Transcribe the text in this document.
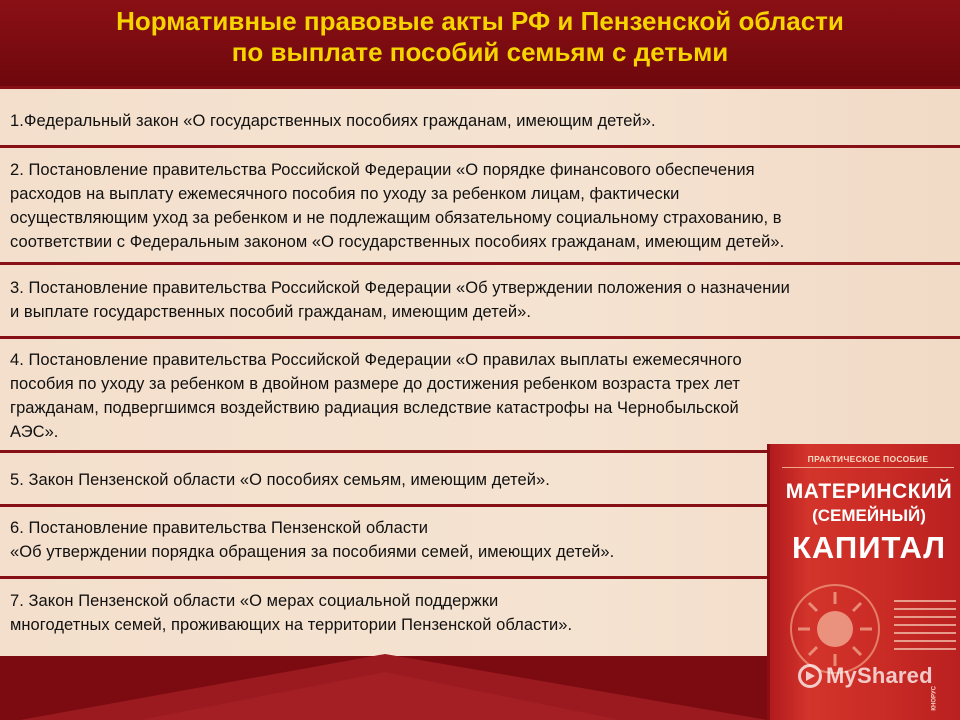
Нормативные правовые акты РФ и Пензенской области
по выплате пособий семьям с детьми
1.Федеральный закон «О государственных пособиях гражданам, имеющим детей».
2. Постановление правительства Российской Федерации «О порядке финансового обеспечения
расходов на выплату ежемесячного пособия по уходу за ребенком лицам, фактически
осуществляющим уход за ребенком и не подлежащим обязательному социальному страхованию, в
соответствии с Федеральным законом «О государственных пособиях гражданам, имеющим детей».
3. Постановление правительства Российской Федерации «Об утверждении положения о назначении
и выплате государственных пособий гражданам, имеющим детей».
4. Постановление правительства Российской Федерации «О правилах выплаты ежемесячного
пособия по уходу за ребенком в двойном размере до достижения ребенком возраста трех лет
гражданам, подвергшимся воздействию радиация вследствие катастрофы на Чернобыльской
АЭС».
5. Закон Пензенской области «О пособиях семьям, имеющим детей».
6. Постановление правительства Пензенской области
«Об утверждении порядка обращения за пособиями семей, имеющих детей».
7. Закон Пензенской области «О мерах социальной поддержки
многодетных семей, проживающих на территории Пензенской области».
ПРАКТИЧЕСКОЕ ПОСОБИЕ
МАТЕРИНСКИЙ
(СЕМЕЙНЫЙ)
КАПИТАЛ
КНОРУС
MyShared
